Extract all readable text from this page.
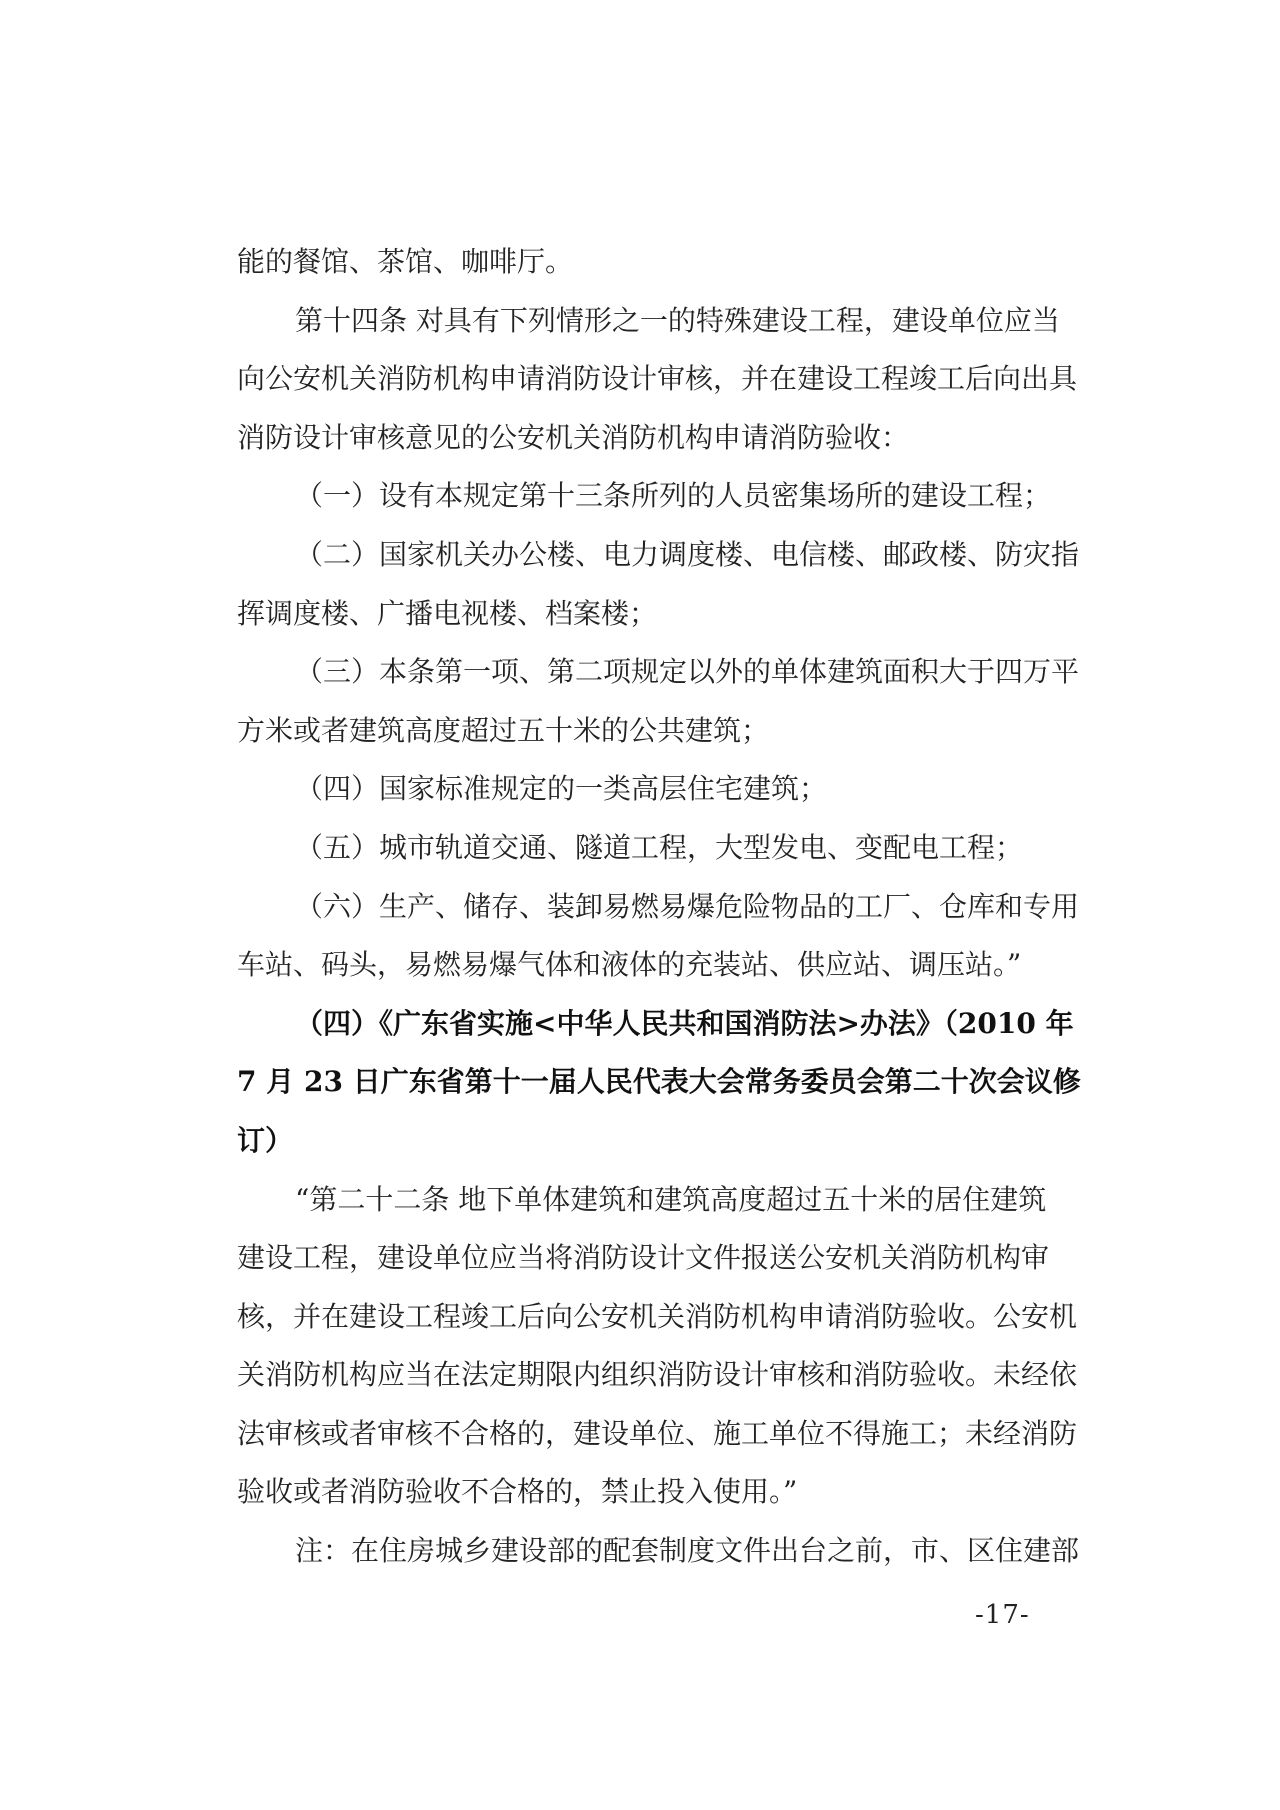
能的餐馆、茶馆、咖啡厅。
第十四条 对具有下列情形之一的特殊建设工程，建设单位应当
向公安机关消防机构申请消防设计审核，并在建设工程竣工后向出具
消防设计审核意见的公安机关消防机构申请消防验收：
（一）设有本规定第十三条所列的人员密集场所的建设工程；
（二）国家机关办公楼、电力调度楼、电信楼、邮政楼、防灾指
挥调度楼、广播电视楼、档案楼；
（三）本条第一项、第二项规定以外的单体建筑面积大于四万平
方米或者建筑高度超过五十米的公共建筑；
（四）国家标准规定的一类高层住宅建筑；
（五）城市轨道交通、隧道工程，大型发电、变配电工程；
（六）生产、储存、装卸易燃易爆危险物品的工厂、仓库和专用
车站、码头，易燃易爆气体和液体的充装站、供应站、调压站。”
（四）《广东省实施<中华人民共和国消防法>办法》（2010 年
7 月 23 日广东省第十一届人民代表大会常务委员会第二十次会议修
订）
“第二十二条 地下单体建筑和建筑高度超过五十米的居住建筑
建设工程，建设单位应当将消防设计文件报送公安机关消防机构审
核，并在建设工程竣工后向公安机关消防机构申请消防验收。公安机
关消防机构应当在法定期限内组织消防设计审核和消防验收。未经依
法审核或者审核不合格的，建设单位、施工单位不得施工；未经消防
验收或者消防验收不合格的，禁止投入使用。”
注：在住房城乡建设部的配套制度文件出台之前，市、区住建部
-17-
